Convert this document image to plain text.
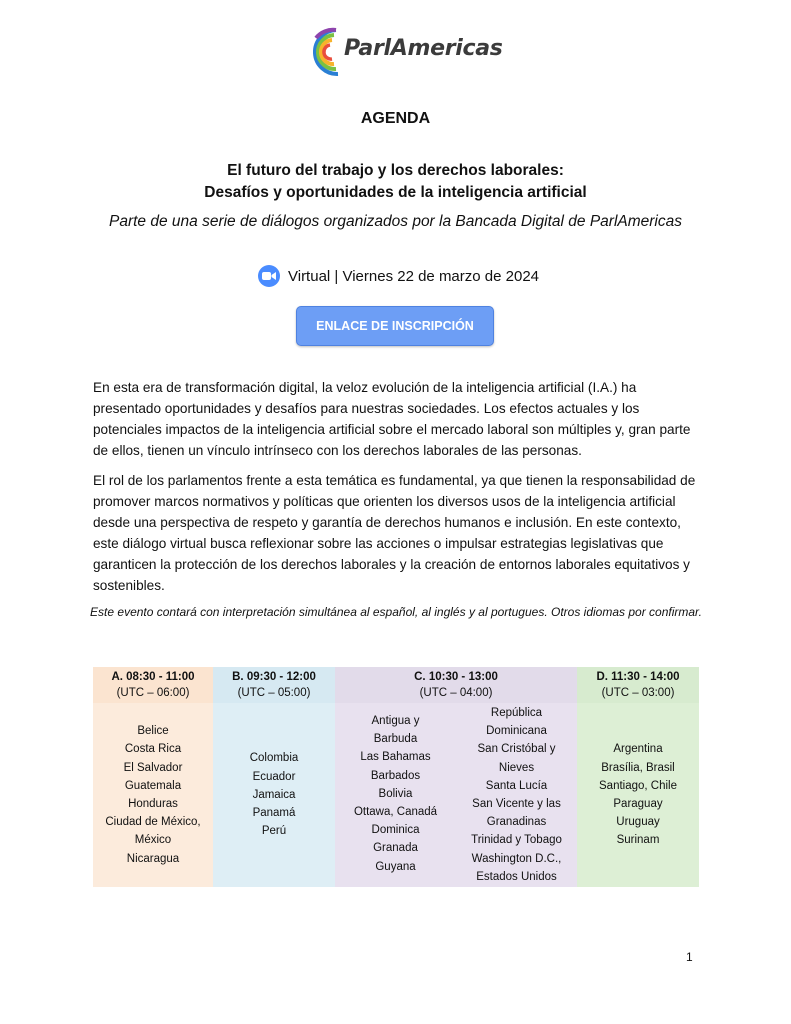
ParlAmericas
AGENDA
El futuro del trabajo y los derechos laborales:
Desafíos y oportunidades de la inteligencia artificial
Parte de una serie de diálogos organizados por la Bancada Digital de ParlAmericas
Virtual | Viernes 22 de marzo de 2024
ENLACE DE INSCRIPCIÓN
En esta era de transformación digital, la veloz evolución de la inteligencia artificial (I.A.) ha presentado oportunidades y desafíos para nuestras sociedades. Los efectos actuales y los potenciales impactos de la inteligencia artificial sobre el mercado laboral son múltiples y, gran parte de ellos, tienen un vínculo intrínseco con los derechos laborales de las personas.
El rol de los parlamentos frente a esta temática es fundamental, ya que tienen la responsabilidad de promover marcos normativos y políticas que orienten los diversos usos de la inteligencia artificial desde una perspectiva de respeto y garantía de derechos humanos e inclusión. En este contexto, este diálogo virtual busca reflexionar sobre las acciones o impulsar estrategias legislativas que garanticen la protección de los derechos laborales y la creación de entornos laborales equitativos y sostenibles.
Este evento contará con interpretación simultánea al español, al inglés y al portugues. Otros idiomas por confirmar.
A. 08:30 - 11:00
(UTC – 06:00)
Belice
Costa Rica
El Salvador
Guatemala
Honduras
Ciudad de México,
México
Nicaragua
B. 09:30 - 12:00
(UTC – 05:00)
Colombia
Ecuador
Jamaica
Panamá
Perú
C. 10:30 - 13:00
(UTC – 04:00)
Antigua y
Barbuda
Las Bahamas
Barbados
Bolivia
Ottawa, Canadá
Dominica
Granada
Guyana
República
Dominicana
San Cristóbal y
Nieves
Santa Lucía
San Vicente y las
Granadinas
Trinidad y Tobago
Washington D.C.,
Estados Unidos
D. 11:30 - 14:00
(UTC – 03:00)
Argentina
Brasília, Brasil
Santiago, Chile
Paraguay
Uruguay
Surinam
1
